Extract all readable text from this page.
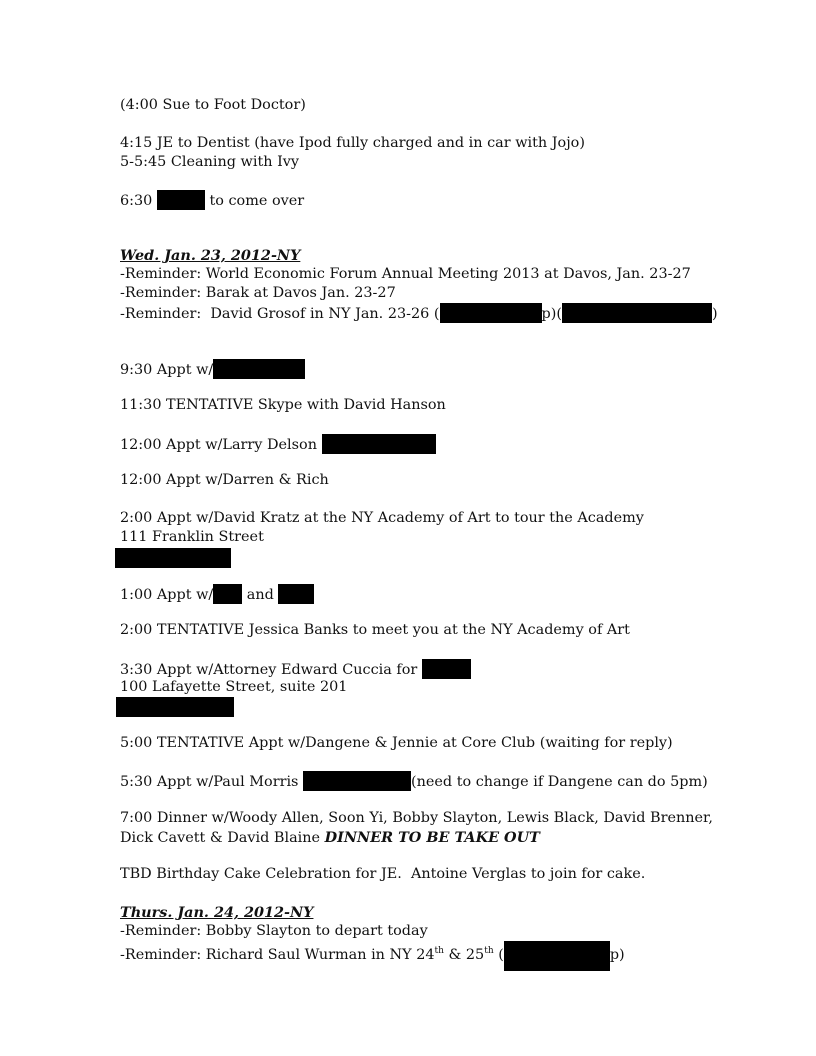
(4:00 Sue to Foot Doctor)
4:15 JE to Dentist (have Ipod fully charged and in car with Jojo)
5-5:45 Cleaning with Ivy
6:30	to come over
Wed. Jan. 23, 2012-NY
-Reminder: World Economic Forum Annual Meeting 2013 at Davos, Jan. 23-27
-Reminder: Barak at Davos Jan. 23-27
-Reminder:  David Grosof in NY Jan. 23-26 (	p)(	)
9:30 Appt w/
11:30 TENTATIVE Skype with David Hanson
12:00 Appt w/Larry Delson
12:00 Appt w/Darren & Rich
2:00 Appt w/David Kratz at the NY Academy of Art to tour the Academy
111 Franklin Street
1:00 Appt w/ and
2:00 TENTATIVE Jessica Banks to meet you at the NY Academy of Art
3:30 Appt w/Attorney Edward Cuccia for
100 Lafayette Street, suite 201
5:00 TENTATIVE Appt w/Dangene & Jennie at Core Club (waiting for reply)
5:30 Appt w/Paul Morris	(need to change if Dangene can do 5pm)
7:00 Dinner w/Woody Allen, Soon Yi, Bobby Slayton, Lewis Black, David Brenner,
Dick Cavett & David Blaine DINNER TO BE TAKE OUT
TBD Birthday Cake Celebration for JE.  Antoine Verglas to join for cake.
Thurs. Jan. 24, 2012-NY
-Reminder: Bobby Slayton to depart today
-Reminder: Richard Saul Wurman in NY 24th & 25th (	p)
